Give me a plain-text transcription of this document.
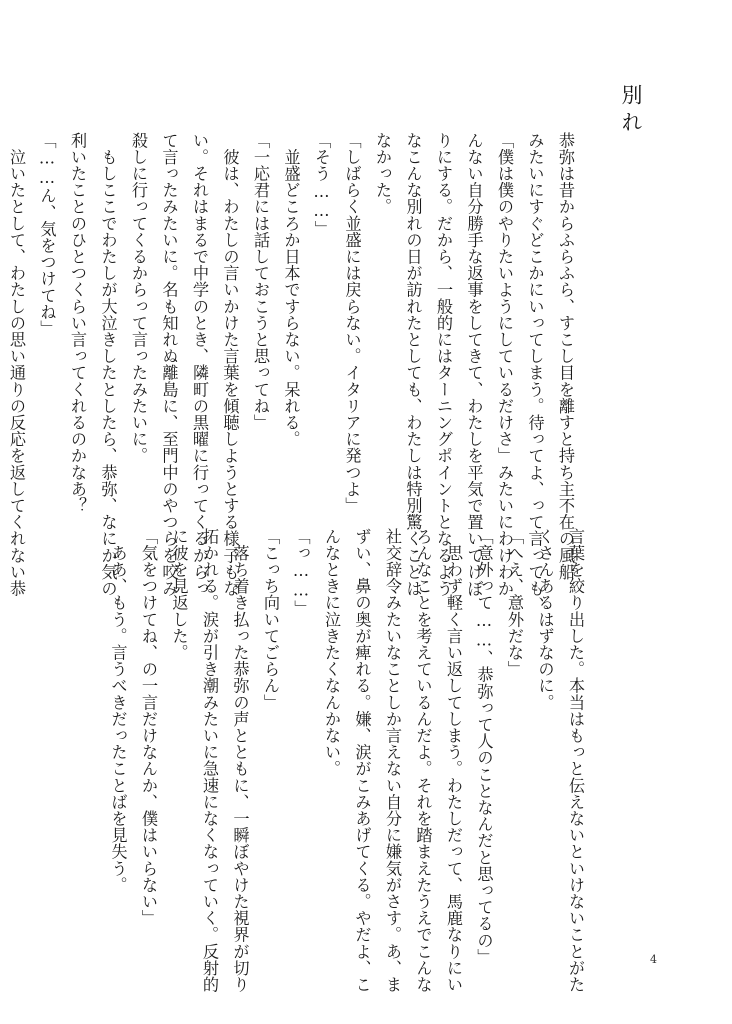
別れ

恭弥は昔からふらふら、すこし目を離すと持ち主不在の風船

みたいにすぐどこかにいってしまう。待ってよ、って言っても、

「僕は僕のやりたいようにしているだけさ」みたいにわけわか

んない自分勝手な返事をしてきて、わたしを平気で置いてけぼ

りにする。だから、一般的にはターニングポイントとなるよう

なこんな別れの日が訪れたとしても、わたしは特別驚くことは

なかった。

「しばらく並盛には戻らない。イタリアに発つよ」

「そう……」

　並盛どころか日本ですらない。呆れる。

「一応君には話しておこうと思ってね」

　彼は、わたしの言いかけた言葉を傾聴しようとする様子もな

い。それはまるで中学のとき、隣町の黒曜に行ってくるからっ

て言ったみたいに。名も知れぬ離島に、至門中のやつらを咬み

殺しに行ってくるからって言ったみたいに。

　もしここでわたしが大泣きしたとしたら、恭弥、なにか気の

利いたことのひとつくらい言ってくれるのかなあ？

「……ん、気をつけてね」

　泣いたとして、わたしの思い通りの反応を返してくれない恭

言葉を絞り出した。本当はもっと伝えないといけないことがた

くさんあるはずなのに。

「へえ、意外だな」

「意外って……、恭弥って人のことなんだと思ってるの」

　思わず軽く言い返してしまう。わたしだって、馬鹿なりにい

ろんなことを考えているんだよ。それを踏まえたうえでこんな

社交辞令みたいなことしか言えない自分に嫌気がさす。あ、ま

ずい、鼻の奥が痺れる。嫌、涙がこみあげてくる。やだよ、こ

んなときに泣きたくなんかない。

「っ……」

「こっち向いてごらん」

　落ち着き払った恭弥の声とともに、一瞬ぼやけた視界が切り

拓かれる。涙が引き潮みたいに急速になくなっていく。反射的

に彼を見返した。

「気をつけてね、の一言だけなんか、僕はいらない」

　ああ、もう。言うべきだったことばを見失う。

4
